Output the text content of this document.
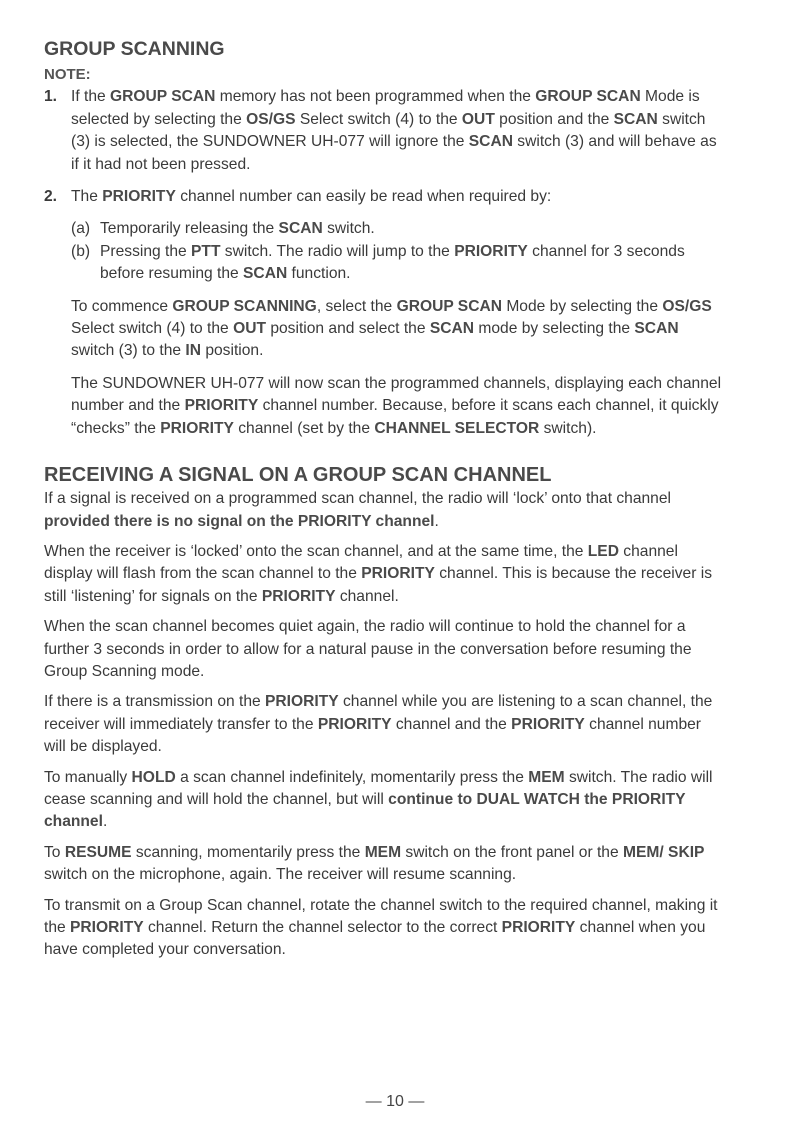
GROUP SCANNING
NOTE:

1. If the GROUP SCAN memory has not been programmed when the GROUP SCAN Mode is selected by selecting the OS/GS Select switch (4) to the OUT position and the SCAN switch (3) is selected, the SUNDOWNER UH-077 will ignore the SCAN switch (3) and will behave as if it had not been pressed.

2. The PRIORITY channel number can easily be read when required by:

(a) Temporarily releasing the SCAN switch.

(b) Pressing the PTT switch. The radio will jump to the PRIORITY channel for 3 seconds before resuming the SCAN function.

To commence GROUP SCANNING, select the GROUP SCAN Mode by selecting the OS/GS Select switch (4) to the OUT position and select the SCAN mode by selecting the SCAN switch (3) to the IN position.

The SUNDOWNER UH-077 will now scan the programmed channels, displaying each channel number and the PRIORITY channel number. Because, before it scans each channel, it quickly “checks” the PRIORITY channel (set by the CHANNEL SELECTOR switch).

RECEIVING A SIGNAL ON A GROUP SCAN CHANNEL

If a signal is received on a programmed scan channel, the radio will ‘lock’ onto that channel provided there is no signal on the PRIORITY channel.

When the receiver is ‘locked’ onto the scan channel, and at the same time, the LED channel display will flash from the scan channel to the PRIORITY channel. This is because the receiver is still ‘listening’ for signals on the PRIORITY channel.

When the scan channel becomes quiet again, the radio will continue to hold the channel for a further 3 seconds in order to allow for a natural pause in the conversation before resuming the Group Scanning mode.

If there is a transmission on the PRIORITY channel while you are listening to a scan channel, the receiver will immediately transfer to the PRIORITY channel and the PRIORITY channel number will be displayed.

To manually HOLD a scan channel indefinitely, momentarily press the MEM switch. The radio will cease scanning and will hold the channel, but will continue to DUAL WATCH the PRIORITY channel.

To RESUME scanning, momentarily press the MEM switch on the front panel or the MEM/ SKIP switch on the microphone, again. The receiver will resume scanning.

To transmit on a Group Scan channel, rotate the channel switch to the required channel, making it the PRIORITY channel. Return the channel selector to the correct PRIORITY channel when you have completed your conversation.

— 10 —
